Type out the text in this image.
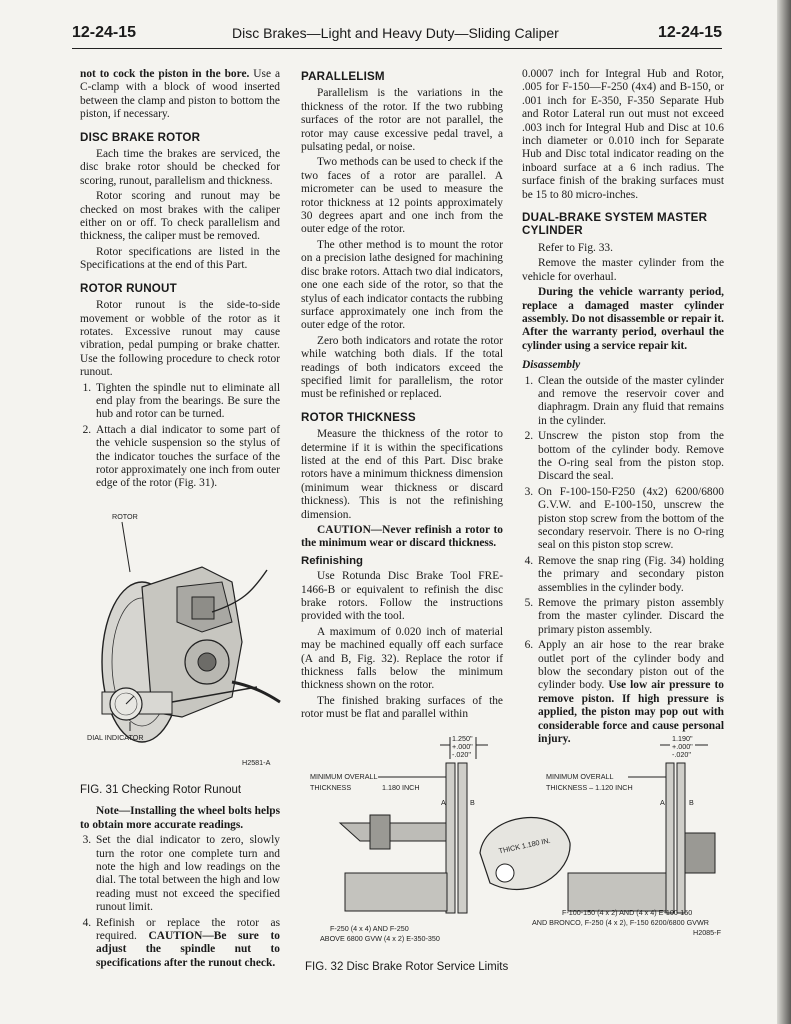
12-24-15	Disc Brakes—Light and Heavy Duty—Sliding Caliper	12-24-15

not to cock the piston in the bore. Use a C-clamp with a block of wood inserted between the clamp and piston to bottom the piston, if necessary.

DISC BRAKE ROTOR

Each time the brakes are serviced, the disc brake rotor should be checked for scoring, runout, parallelism and thickness.

Rotor scoring and runout may be checked on most brakes with the caliper either on or off. To check parallelism and thickness, the caliper must be removed.

Rotor specifications are listed in the Specifications at the end of this Part.

ROTOR RUNOUT

Rotor runout is the side-to-side movement or wobble of the rotor as it rotates. Excessive runout may cause vibration, pedal pumping or brake chatter. Use the following procedure to check rotor runout.

1. Tighten the spindle nut to eliminate all end play from the bearings. Be sure the hub and rotor can be turned.
2. Attach a dial indicator to some part of the vehicle suspension so the stylus of the indicator touches the surface of the rotor approximately one inch from outer edge of the rotor (Fig. 31).
ROTOR
DIAL INDICATOR
H2581-A
FIG. 31 Checking Rotor Runout

Note—Installing the wheel bolts helps to obtain more accurate readings.

3. Set the dial indicator to zero, slowly turn the rotor one complete turn and note the high and low readings on the dial. The total between the high and low reading must not exceed the specified runout limit.
4. Refinish or replace the rotor as required. CAUTION—Be sure to adjust the spindle nut to specifications after the runout check.
PARALLELISM

Parallelism is the variations in the thickness of the rotor. If the two rubbing surfaces of the rotor are not parallel, the rotor may cause excessive pedal travel, a pulsating pedal, or noise.

Two methods can be used to check if the two faces of a rotor are parallel. A micrometer can be used to measure the rotor thickness at 12 points approximately 30 degrees apart and one inch from the outer edge of the rotor.

The other method is to mount the rotor on a precision lathe designed for machining disc brake rotors. Attach two dial indicators, one one each side of the rotor, so that the stylus of each indicator contacts the rubbing surface approximately one inch from the outer edge of the rotor.

Zero both indicators and rotate the rotor while watching both dials. If the total readings of both indicators exceed the specified limit for parallelism, the rotor must be refinished or replaced.

ROTOR THICKNESS

Measure the thickness of the rotor to determine if it is within the specifications listed at the end of this Part. Disc brake rotors have a minimum thickness dimension (minimum wear thickness or discard thickness). This is not the refinishing dimension.

CAUTION—Never refinish a rotor to the minimum wear or discard thickness.

Refinishing

Use Rotunda Disc Brake Tool FRE-1466-B or equivalent to refinish the disc brake rotors. Follow the instructions provided with the tool.

A maximum of 0.020 inch of material may be machined equally off each surface (A and B, Fig. 32). Replace the rotor if thickness falls below the minimum thickness shown on the rotor.

The finished braking surfaces of the rotor must be flat and parallel within

0.0007 inch for Integral Hub and Rotor, .005 for F-150—F-250 (4x4) and B-150, or .001 inch for E-350, F-350 Separate Hub and Rotor Lateral run out must not exceed .003 inch for Integral Hub and Disc at 10.6 inch diameter or 0.010 inch for Separate Hub and Disc total indicator reading on the inboard surface at a 6 inch radius. The surface finish of the braking surfaces must be 15 to 80 micro-inches.

DUAL-BRAKE SYSTEM MASTER CYLINDER

Refer to Fig. 33.

Remove the master cylinder from the vehicle for overhaul.

During the vehicle warranty period, replace a damaged master cylinder assembly. Do not disassemble or repair it. After the warranty period, overhaul the cylinder using a service repair kit.

Disassembly
1. Clean the outside of the master cylinder and remove the reservoir cover and diaphragm. Drain any fluid that remains in the cylinder.
2. Unscrew the piston stop from the bottom of the cylinder body. Remove the O-ring seal from the piston stop. Discard the seal.
3. On F-100-150-F250 (4x2) 6200/6800 G.V.W. and E-100-150, unscrew the piston stop screw from the bottom of the secondary reservoir. There is no O-ring seal on this piston stop screw.
4. Remove the snap ring (Fig. 34) holding the primary and secondary piston assemblies in the cylinder body.
5. Remove the primary piston assembly from the master cylinder. Discard the primary piston assembly.
6. Apply an air hose to the rear brake outlet port of the cylinder body and blow the secondary piston out of the cylinder body. Use low air pressure to remove piston. If high pressure is applied, the piston may pop out with considerable force and cause personal injury.
1.250"
+.000"
-.020"
MINIMUM OVERALL
THICKNESS	1.180 INCH
A	B
F-250 (4 x 4) AND F-250
ABOVE 6800 GVW (4 x 2) E-350-350
THICK 1.180 IN.
1.190"
+.000"
-.020"
MINIMUM OVERALL
THICKNESS – 1.120 INCH
A	B
F-100-150 (4 x 2) AND (4 x 4) E-100-150
AND BRONCO, F-250 (4 x 2), F-150 6200/6800 GVWR
H2085-F
FIG. 32 Disc Brake Rotor Service Limits
